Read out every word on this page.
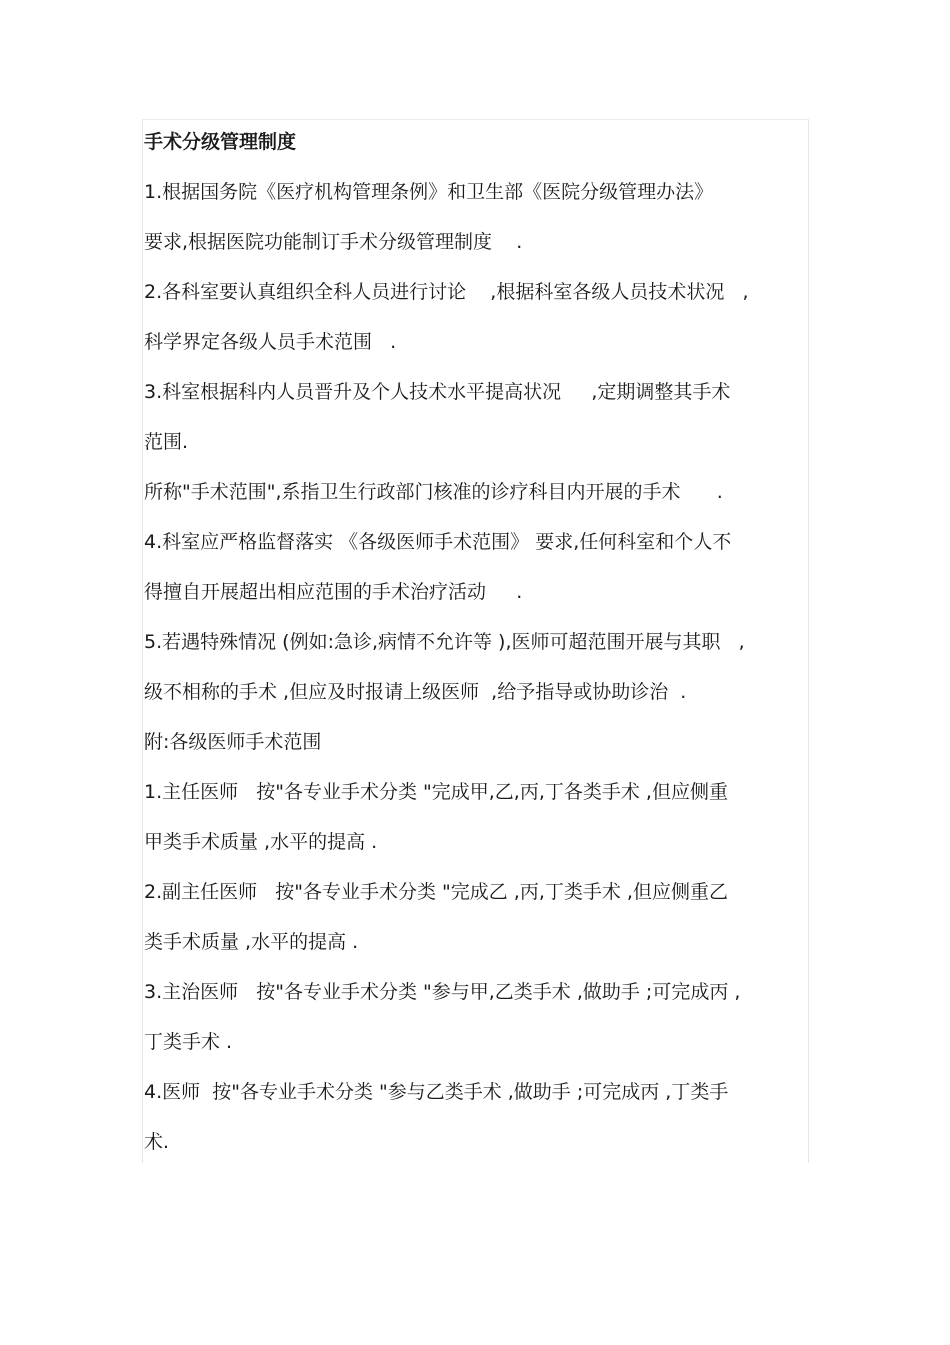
手术分级管理制度

1.根据国务院《医疗机构管理条例》和卫生部《医院分级管理办法》

要求,根据医院功能制订手术分级管理制度    .

2.各科室要认真组织全科人员进行讨论    ,根据科室各级人员技术状况   ,

科学界定各级人员手术范围   .

3.科室根据科内人员晋升及个人技术水平提高状况     ,定期调整其手术

范围.

所称"手术范围",系指卫生行政部门核准的诊疗科目内开展的手术      .

4.科室应严格监督落实 《各级医师手术范围》 要求,任何科室和个人不

得擅自开展超出相应范围的手术治疗活动     .

5.若遇特殊情况 (例如:急诊,病情不允许等 ),医师可超范围开展与其职   ,

级不相称的手术 ,但应及时报请上级医师  ,给予指导或协助诊治  .

附:各级医师手术范围

1.主任医师   按"各专业手术分类 "完成甲,乙,丙,丁各类手术 ,但应侧重

甲类手术质量 ,水平的提高 .

2.副主任医师   按"各专业手术分类 "完成乙 ,丙,丁类手术 ,但应侧重乙

类手术质量 ,水平的提高 .

3.主治医师   按"各专业手术分类 "参与甲,乙类手术 ,做助手 ;可完成丙 ,

丁类手术 .

4.医师  按"各专业手术分类 "参与乙类手术 ,做助手 ;可完成丙 ,丁类手

术.
